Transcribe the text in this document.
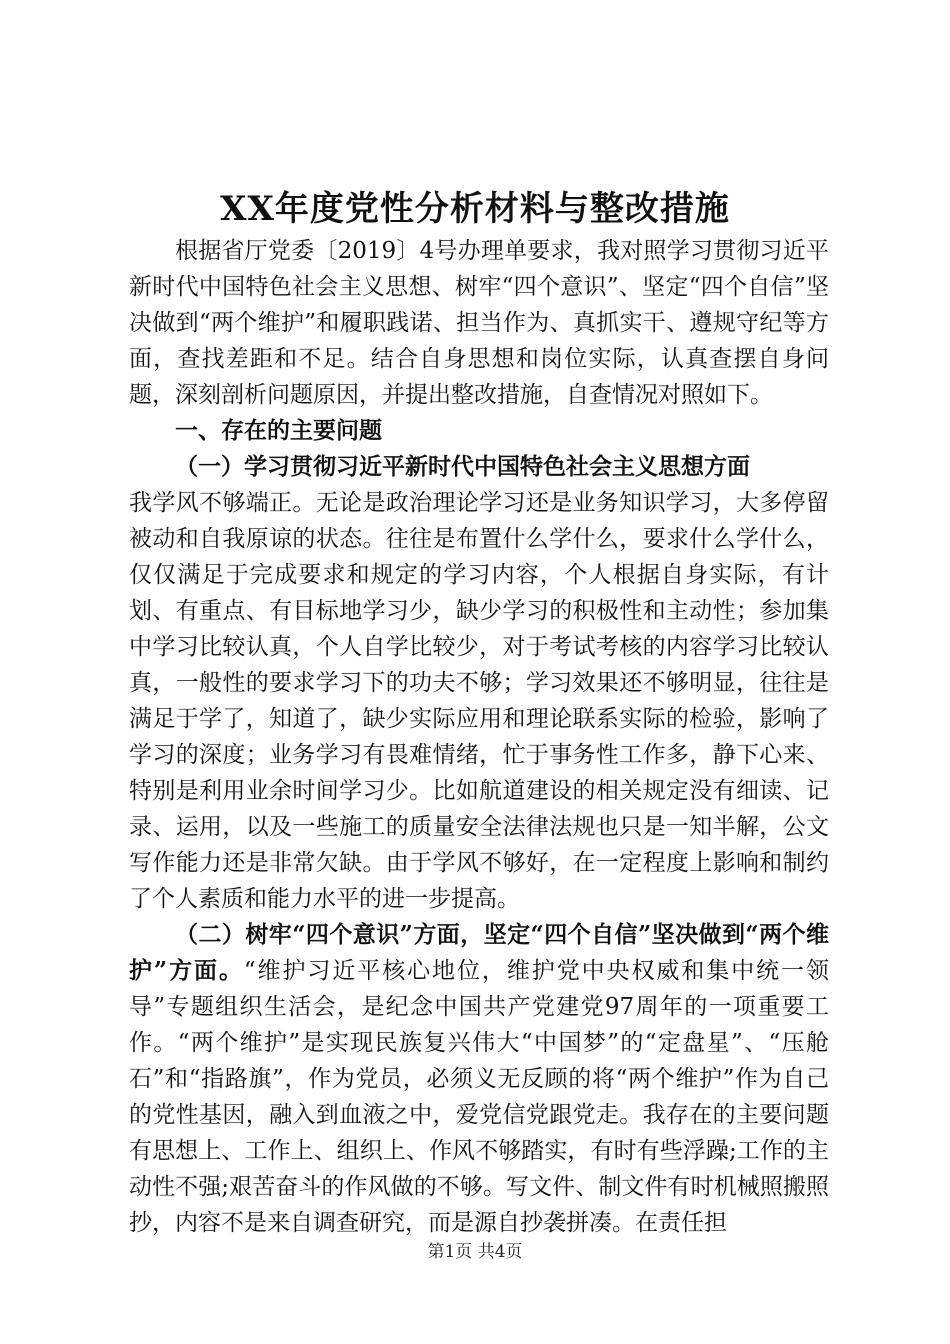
XX年度党性分析材料与整改措施

根据省厅党委〔2019〕4号办理单要求，我对照学习贯彻习近平新时代中国特色社会主义思想、树牢“四个意识”、坚定“四个自信”坚决做到“两个维护”和履职践诺、担当作为、真抓实干、遵规守纪等方面，查找差距和不足。结合自身思想和岗位实际，认真查摆自身问题，深刻剖析问题原因，并提出整改措施，自查情况对照如下。

一、存在的主要问题

（一）学习贯彻习近平新时代中国特色社会主义思想方面

我学风不够端正。无论是政治理论学习还是业务知识学习，大多停留被动和自我原谅的状态。往往是布置什么学什么，要求什么学什么，仅仅满足于完成要求和规定的学习内容，个人根据自身实际，有计划、有重点、有目标地学习少，缺少学习的积极性和主动性；参加集中学习比较认真，个人自学比较少，对于考试考核的内容学习比较认真，一般性的要求学习下的功夫不够；学习效果还不够明显，往往是满足于学了，知道了，缺少实际应用和理论联系实际的检验，影响了学习的深度；业务学习有畏难情绪，忙于事务性工作多，静下心来、特别是利用业余时间学习少。比如航道建设的相关规定没有细读、记录、运用，以及一些施工的质量安全法律法规也只是一知半解，公文写作能力还是非常欠缺。由于学风不够好，在一定程度上影响和制约了个人素质和能力水平的进一步提高。

（二）树牢“四个意识”方面，坚定“四个自信”坚决做到“两个维护”方面。“维护习近平核心地位，维护党中央权威和集中统一领导”专题组织生活会，是纪念中国共产党建党97周年的一项重要工作。“两个维护”是实现民族复兴伟大“中国梦”的“定盘星”、“压舱石”和“指路旗”，作为党员，必须义无反顾的将“两个维护”作为自己的党性基因，融入到血液之中，爱党信党跟党走。我存在的主要问题有思想上、工作上、组织上、作风不够踏实，有时有些浮躁;工作的主动性不强;艰苦奋斗的作风做的不够。写文件、制文件有时机械照搬照抄，内容不是来自调查研究，而是源自抄袭拼凑。在责任担

第1页 共4页
